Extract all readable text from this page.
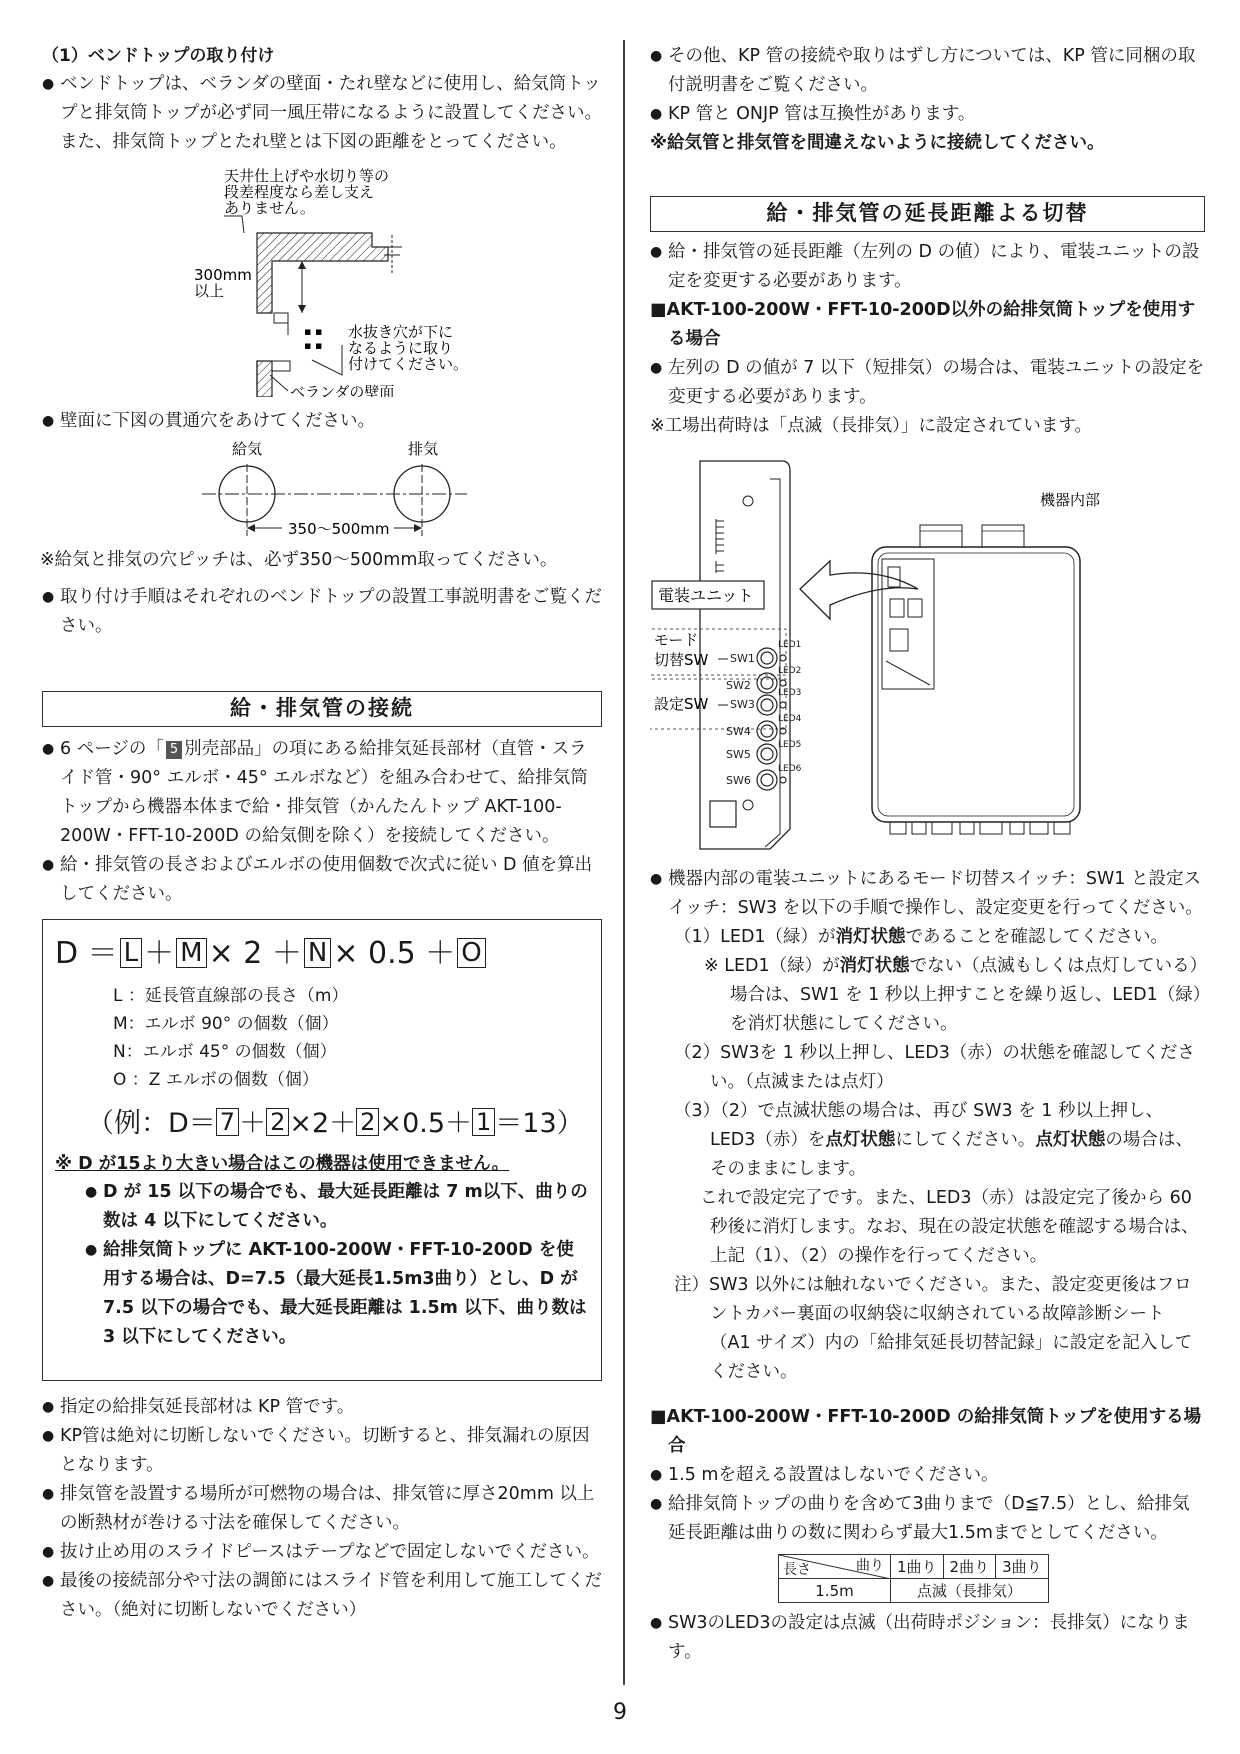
（1）ベンドトップの取り付け
● ベンドトップは、ベランダの壁面・たれ壁などに使用し、給気筒トップと排気筒トップが必ず同一風圧帯になるように設置してください。また、排気筒トップとたれ壁とは下図の距離をとってください。
天井仕上げや水切り等の
段差程度なら差し支え
ありません。
300mm
以上
▪ ▪
▪ ▪
水抜き穴が下に
なるように取り
付けてください。
ベランダの壁面
● 壁面に下図の貫通穴をあけてください。
給気	排気
350～500mm
※給気と排気の穴ピッチは、必ず350～500mm取ってください。
● 取り付け手順はそれぞれのベンドトップの設置工事説明書をご覧ください。
給・排気管の接続
● 6 ページの「 5 別売部品」の項にある給排気延長部材（直管・スライド管・90° エルボ・45° エルボなど）を組み合わせて、給排気筒トップから機器本体まで給・排気管（かんたんトップ AKT-100-200W・FFT-10-200D の給気側を除く）を接続してください。
● 給・排気管の長さおよびエルボの使用個数で次式に従い D 値を算出してください。
D ＝ L ＋ M × 2 ＋ N × 0.5 ＋ O
L ：延長管直線部の長さ（m）
M：エルボ 90° の個数（個）
N：エルボ 45° の個数（個）
O ：Z エルボの個数（個）
（例：D＝ 7 ＋ 2 ×2＋ 2 ×0.5＋ 1 ＝13）
※ D が15より大きい場合はこの機器は使用できません。
● D が 15 以下の場合でも、最大延長距離は 7 m以下、曲りの数は 4 以下にしてください。
● 給排気筒トップに AKT-100-200W・FFT-10-200D を使用する場合は、D=7.5（最大延長1.5m3曲り）とし、D が 7.5 以下の場合でも、最大延長距離は 1.5m 以下、曲り数は 3 以下にしてください。
● 指定の給排気延長部材は KP 管です。
● KP管は絶対に切断しないでください。切断すると、排気漏れの原因となります。
● 排気管を設置する場所が可燃物の場合は、排気管に厚さ20mm 以上の断熱材が巻ける寸法を確保してください。
● 抜け止め用のスライドピースはテープなどで固定しないでください。
● 最後の接続部分や寸法の調節にはスライド管を利用して施工してください。（絶対に切断しないでください）
● その他、KP 管の接続や取りはずし方については、KP 管に同梱の取付説明書をご覧ください。
● KP 管と ONJP 管は互換性があります。
※給気管と排気管を間違えないように接続してください。
給・排気管の延長距離よる切替
● 給・排気管の延長距離（左列の D の値）により、電装ユニットの設定を変更する必要があります。
■AKT-100-200W・FFT-10-200D以外の給排気筒トップを使用する場合
● 左列の D の値が 7 以下（短排気）の場合は、電装ユニットの設定を変更する必要があります。
※工場出荷時は「点滅（長排気）」に設定されています。
電装ユニット
モード
切替SW
設定SW
SW1
SW2
SW3
SW4
SW5
SW6
LED1
LED2
LED3
LED4
LED5
LED6
機器内部
● 機器内部の電装ユニットにあるモード切替スイッチ：SW1 と設定スイッチ：SW3 を以下の手順で操作し、設定変更を行ってください。
（1）LED1（緑）が消灯状態であることを確認してください。
※ LED1（緑）が消灯状態でない（点滅もしくは点灯している）場合は、SW1 を 1 秒以上押すことを繰り返し、LED1（緑）を消灯状態にしてください。
（2）SW3を 1 秒以上押し、LED3（赤）の状態を確認してください。（点滅または点灯）
（3）（2）で点滅状態の場合は、再び SW3 を 1 秒以上押し、LED3（赤）を点灯状態にしてください。点灯状態の場合は、そのままにします。
これで設定完了です。また、LED3（赤）は設定完了後から 60 秒後に消灯します。なお、現在の設定状態を確認する場合は、上記（1）、（2）の操作を行ってください。
注）SW3 以外には触れないでください。また、設定変更後はフロントカバー裏面の収納袋に収納されている故障診断シート（A1 サイズ）内の「給排気延長切替記録」に設定を記入してください。
■AKT-100-200W・FFT-10-200D の給排気筒トップを使用する場合
● 1.5 mを超える設置はしないでください。
● 給排気筒トップの曲りを含めて3曲りまで（D≦7.5）とし、給排気延長距離は曲りの数に関わらず最大1.5mまでとしてください。
曲り
長さ	1曲り	2曲り	3曲り
1.5m	点滅（長排気）		
● SW3のLED3の設定は点滅（出荷時ポジション：長排気）になります。
9
